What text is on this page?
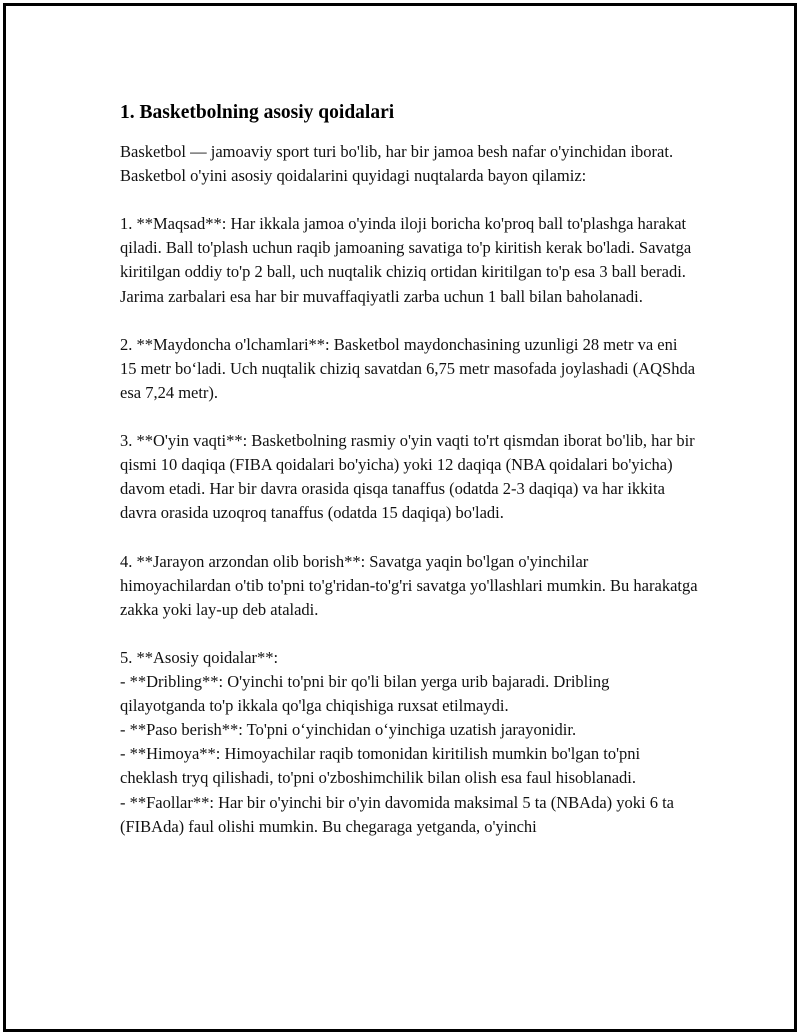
1. Basketbolning asosiy qoidalari

Basketbol — jamoaviy sport turi bo'lib, har bir jamoa besh nafar o'yinchidan iborat. Basketbol o'yini asosiy qoidalarini quyidagi nuqtalarda bayon qilamiz:

1. **Maqsad**: Har ikkala jamoa o'yinda iloji boricha ko'proq ball to'plashga harakat qiladi. Ball to'plash uchun raqib jamoaning savatiga to'p kiritish kerak bo'ladi. Savatga kiritilgan oddiy to'p 2 ball, uch nuqtalik chiziq ortidan kiritilgan to'p esa 3 ball beradi. Jarima zarbalari esa har bir muvaffaqiyatli zarba uchun 1 ball bilan baholanadi.

2. **Maydoncha o'lchamlari**: Basketbol maydonchasining uzunligi 28 metr va eni 15 metr bo‘ladi. Uch nuqtalik chiziq savatdan 6,75 metr masofada joylashadi (AQShda esa 7,24 metr).

3. **O'yin vaqti**: Basketbolning rasmiy o'yin vaqti to'rt qismdan iborat bo'lib, har bir qismi 10 daqiqa (FIBA qoidalari bo'yicha) yoki 12 daqiqa (NBA qoidalari bo'yicha) davom etadi. Har bir davra orasida qisqa tanaffus (odatda 2-3 daqiqa) va har ikkita davra orasida uzoqroq tanaffus (odatda 15 daqiqa) bo'ladi.

4. **Jarayon arzondan olib borish**: Savatga yaqin bo'lgan o'yinchilar himoyachilardan o'tib to'pni to'g'ridan-to'g'ri savatga yo'llashlari mumkin. Bu harakatga zakka yoki lay-up deb ataladi.

5. **Asosiy qoidalar**:

- **Dribling**: O'yinchi to'pni bir qo'li bilan yerga urib bajaradi. Dribling qilayotganda to'p ikkala qo'lga chiqishiga ruxsat etilmaydi.

- **Paso berish**: To'pni o‘yinchidan o‘yinchiga uzatish jarayonidir.

- **Himoya**: Himoyachilar raqib tomonidan kiritilish mumkin bo'lgan to'pni cheklash tryq qilishadi, to'pni o'zboshimchilik bilan olish esa faul hisoblanadi.

- **Faollar**: Har bir o'yinchi bir o'yin davomida maksimal 5 ta (NBAda) yoki 6 ta (FIBAda) faul olishi mumkin. Bu chegaraga yetganda, o'yinchi
